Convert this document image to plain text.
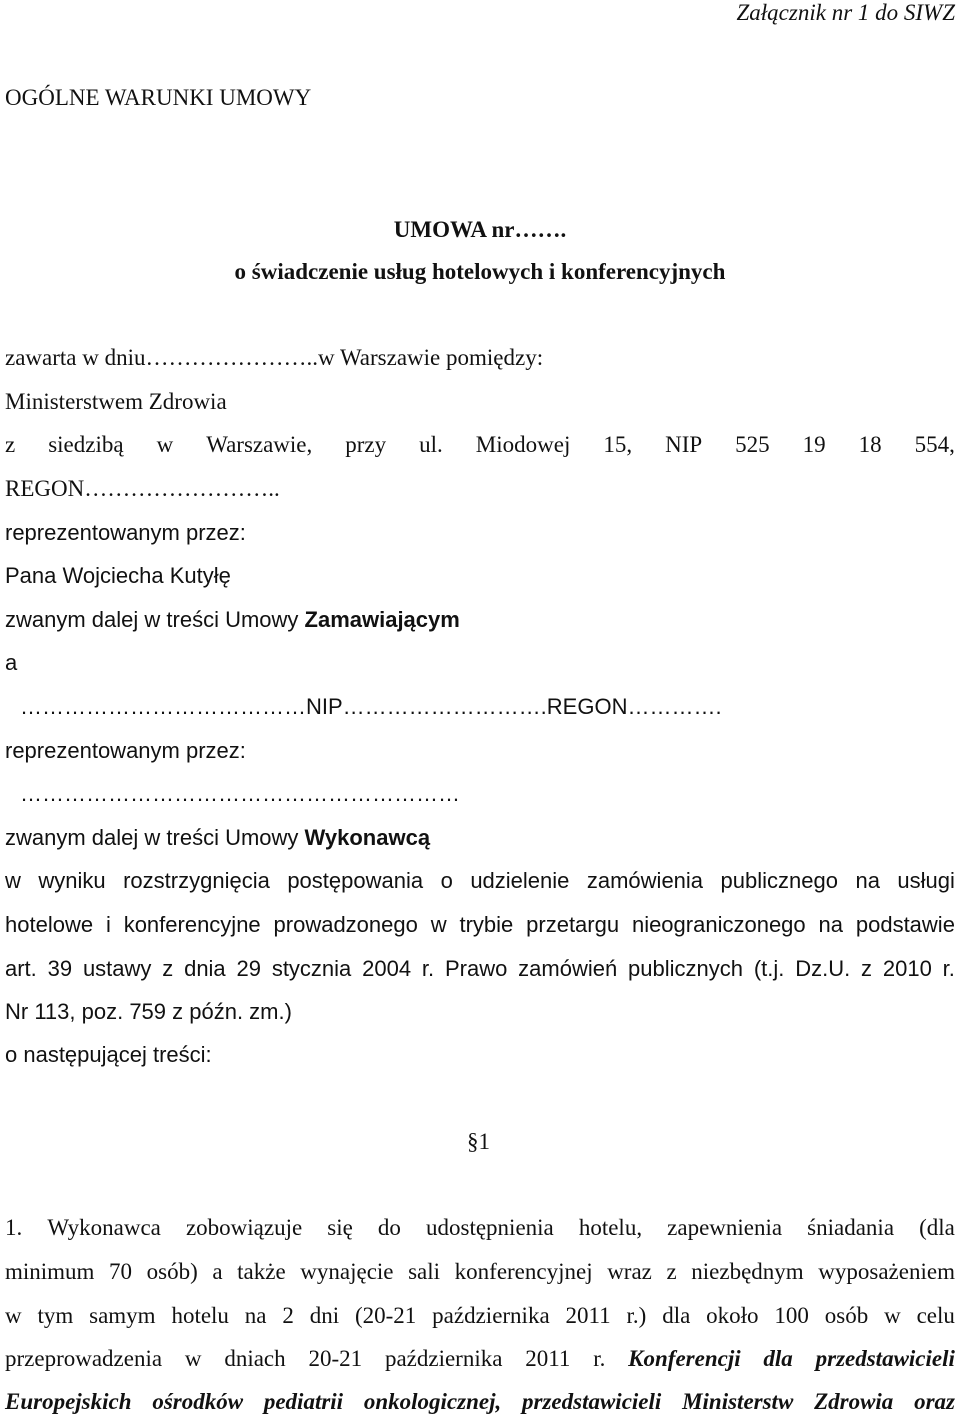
Załącznik nr 1 do SIWZ
OGÓLNE WARUNKI UMOWY
UMOWA nr…….
o świadczenie usług hotelowych i konferencyjnych
zawarta w dniu…………………..w Warszawie pomiędzy:
Ministerstwem Zdrowia
z siedzibą w Warszawie, przy ul. Miodowej 15, NIP 525 19 18 554,
REGON……………………..
reprezentowanym przez:
Pana Wojciecha Kutyłę
zwanym dalej w treści Umowy Zamawiającym
a
…………………………………NIP……………………….REGON………….
reprezentowanym przez:
……………………………………………………
zwanym dalej w treści Umowy Wykonawcą
w wyniku rozstrzygnięcia postępowania o udzielenie zamówienia publicznego na usługi
hotelowe i konferencyjne prowadzonego w trybie przetargu nieograniczonego na podstawie
art. 39 ustawy z dnia 29 stycznia 2004 r. Prawo zamówień publicznych (t.j. Dz.U. z 2010 r.
Nr 113, poz. 759 z późn. zm.)
o następującej treści:
§1
1. Wykonawca zobowiązuje się do udostępnienia hotelu, zapewnienia śniadania (dla
minimum 70 osób) a także wynajęcie sali konferencyjnej wraz z niezbędnym wyposażeniem
w tym samym hotelu na 2 dni (20-21 października 2011 r.) dla około 100 osób w celu
przeprowadzenia w dniach 20-21 października 2011 r. Konferencji dla przedstawicieli
Europejskich ośrodków pediatrii onkologicznej, przedstawicieli Ministerstw Zdrowia oraz
